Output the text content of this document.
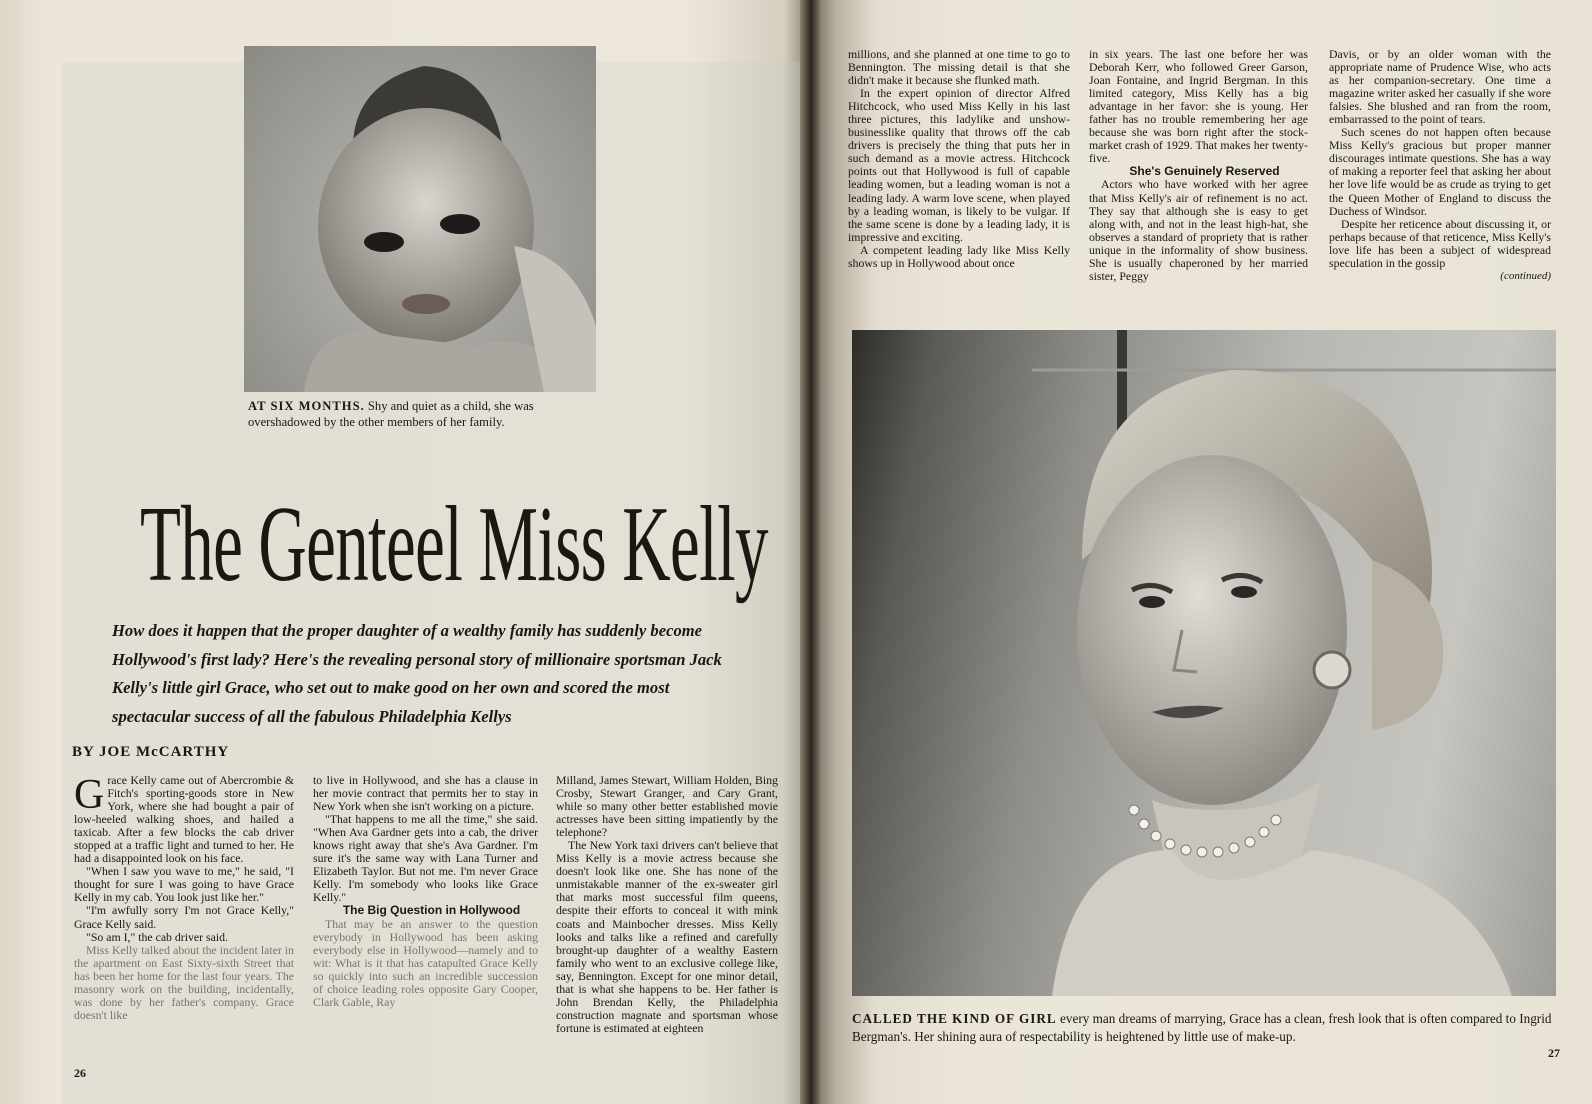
AT SIX MONTHS. Shy and quiet as a child, she was overshadowed by the other members of her family.

The Genteel Miss Kelly

How does it happen that the proper daughter of a wealthy family has suddenly become Hollywood's first lady? Here's the revealing personal story of millionaire sportsman Jack Kelly's little girl Grace, who set out to make good on her own and scored the most spectacular success of all the fabulous Philadelphia Kellys

BY JOE McCARTHY

Grace Kelly came out of Abercrombie & Fitch's sporting-goods store in New York, where she had bought a pair of low-heeled walking shoes, and hailed a taxicab. After a few blocks the cab driver stopped at a traffic light and turned to her. He had a disappointed look on his face.

"When I saw you wave to me," he said, "I thought for sure I was going to have Grace Kelly in my cab. You look just like her."

"I'm awfully sorry I'm not Grace Kelly," Grace Kelly said.

"So am I," the cab driver said.

Miss Kelly talked about the incident later in the apartment on East Sixty-sixth Street that has been her home for the last four years. The masonry work on the building, incidentally, was done by her father's company. Grace doesn't like

to live in Hollywood, and she has a clause in her movie contract that permits her to stay in New York when she isn't working on a picture.

"That happens to me all the time," she said. "When Ava Gardner gets into a cab, the driver knows right away that she's Ava Gardner. I'm sure it's the same way with Lana Turner and Elizabeth Taylor. But not me. I'm never Grace Kelly. I'm somebody who looks like Grace Kelly."

The Big Question in Hollywood

That may be an answer to the question everybody in Hollywood has been asking everybody else in Hollywood—namely and to wit: What is it that has catapulted Grace Kelly so quickly into such an incredible succession of choice leading roles opposite Gary Cooper, Clark Gable, Ray

Milland, James Stewart, William Holden, Bing Crosby, Stewart Granger, and Cary Grant, while so many other better established movie actresses have been sitting impatiently by the telephone?

The New York taxi drivers can't believe that Miss Kelly is a movie actress because she doesn't look like one. She has none of the unmistakable manner of the ex-sweater girl that marks most successful film queens, despite their efforts to conceal it with mink coats and Mainbocher dresses. Miss Kelly looks and talks like a refined and carefully brought-up daughter of a wealthy Eastern family who went to an exclusive college like, say, Bennington. Except for one minor detail, that is what she happens to be. Her father is John Brendan Kelly, the Philadelphia construction magnate and sportsman whose fortune is estimated at eighteen

26

millions, and she planned at one time to go to Bennington. The missing detail is that she didn't make it because she flunked math.

In the expert opinion of director Alfred Hitchcock, who used Miss Kelly in his last three pictures, this ladylike and unshow-businesslike quality that throws off the cab drivers is precisely the thing that puts her in such demand as a movie actress. Hitchcock points out that Hollywood is full of capable leading women, but a leading woman is not a leading lady. A warm love scene, when played by a leading woman, is likely to be vulgar. If the same scene is done by a leading lady, it is impressive and exciting.

A competent leading lady like Miss Kelly shows up in Hollywood about once

in six years. The last one before her was Deborah Kerr, who followed Greer Garson, Joan Fontaine, and Ingrid Bergman. In this limited category, Miss Kelly has a big advantage in her favor: she is young. Her father has no trouble remembering her age because she was born right after the stock-market crash of 1929. That makes her twenty-five.

She's Genuinely Reserved

Actors who have worked with her agree that Miss Kelly's air of refinement is no act. They say that although she is easy to get along with, and not in the least high-hat, she observes a standard of propriety that is rather unique in the informality of show business. She is usually chaperoned by her married sister, Peggy

Davis, or by an older woman with the appropriate name of Prudence Wise, who acts as her companion-secretary. One time a magazine writer asked her casually if she wore falsies. She blushed and ran from the room, embarrassed to the point of tears.

Such scenes do not happen often because Miss Kelly's gracious but proper manner discourages intimate questions. She has a way of making a reporter feel that asking her about her love life would be as crude as trying to get the Queen Mother of England to discuss the Duchess of Windsor.

Despite her reticence about discussing it, or perhaps because of that reticence, Miss Kelly's love life has been a subject of widespread speculation in the gossip

(continued)

27

CALLED THE KIND OF GIRL every man dreams of marrying, Grace has a clean, fresh look that is often compared to Ingrid Bergman's. Her shining aura of respectability is heightened by little use of make-up.
